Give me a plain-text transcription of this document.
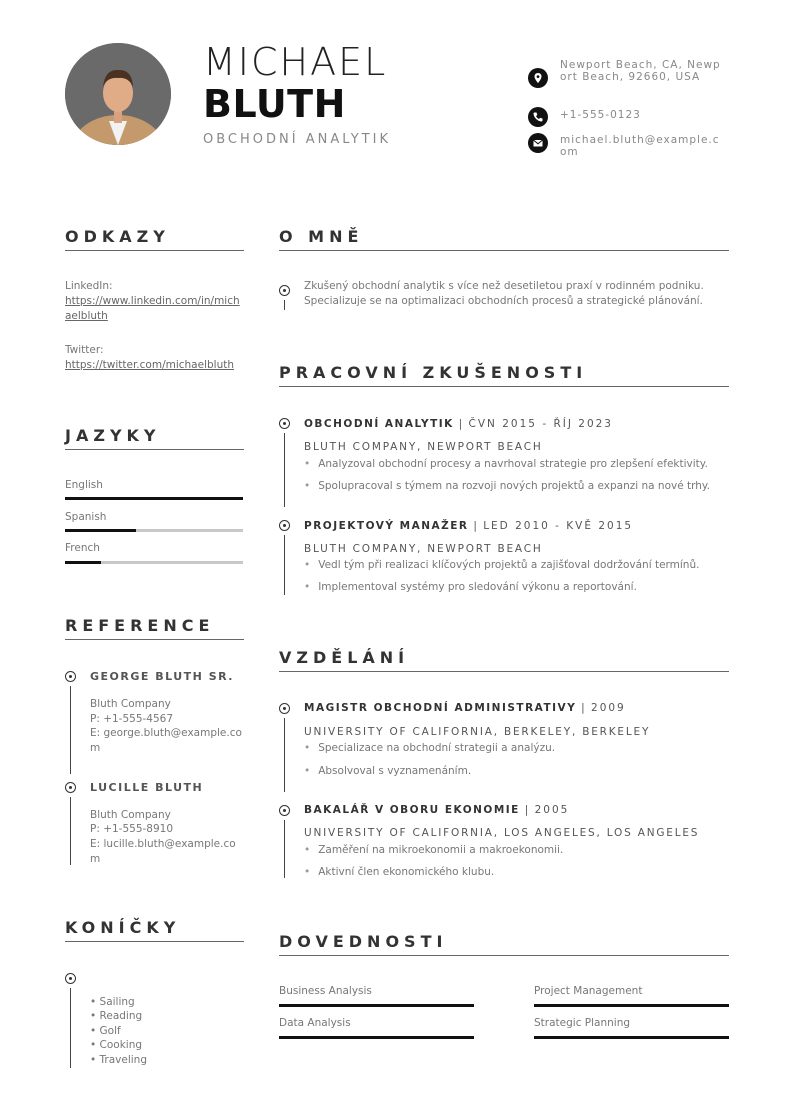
MICHAEL
BLUTH
OBCHODNÍ ANALYTIK
Newport Beach, CA, Newport Beach, 92660, USA
+1-555-0123
michael.bluth@example.com
ODKAZY
LinkedIn:
https://www.linkedin.com/in/michaelbluth
Twitter:
https://twitter.com/michaelbluth
JAZYKY
English
Spanish
French
REFERENCE
GEORGE BLUTH SR.
Bluth Company
P: +1-555-4567
E: george.bluth@example.com
LUCILLE BLUTH
Bluth Company
P: +1-555-8910
E: lucille.bluth@example.com
KONÍČKY
• Sailing
• Reading
• Golf
• Cooking
• Traveling
O MNĚ
Zkušený obchodní analytik s více než desetiletou praxí v rodinném podniku.
Specializuje se na optimalizaci obchodních procesů a strategické plánování.
PRACOVNÍ ZKUŠENOSTI
OBCHODNÍ ANALYTIK | ČVN 2015 - ŘÍJ 2023
BLUTH COMPANY, NEWPORT BEACH
• Analyzoval obchodní procesy a navrhoval strategie pro zlepšení efektivity.
• Spolupracoval s týmem na rozvoji nových projektů a expanzi na nové trhy.
PROJEKTOVÝ MANAŽER | LED 2010 - KVĚ 2015
BLUTH COMPANY, NEWPORT BEACH
• Vedl tým při realizaci klíčových projektů a zajišťoval dodržování termínů.
• Implementoval systémy pro sledování výkonu a reportování.
VZDĚLÁNÍ
MAGISTR OBCHODNÍ ADMINISTRATIVY | 2009
UNIVERSITY OF CALIFORNIA, BERKELEY, BERKELEY
• Specializace na obchodní strategii a analýzu.
• Absolvoval s vyznamenáním.
BAKALÁŘ V OBORU EKONOMIE | 2005
UNIVERSITY OF CALIFORNIA, LOS ANGELES, LOS ANGELES
• Zaměření na mikroekonomii a makroekonomii.
• Aktivní člen ekonomického klubu.
DOVEDNOSTI
Business Analysis	Project Management
Data Analysis	Strategic Planning
